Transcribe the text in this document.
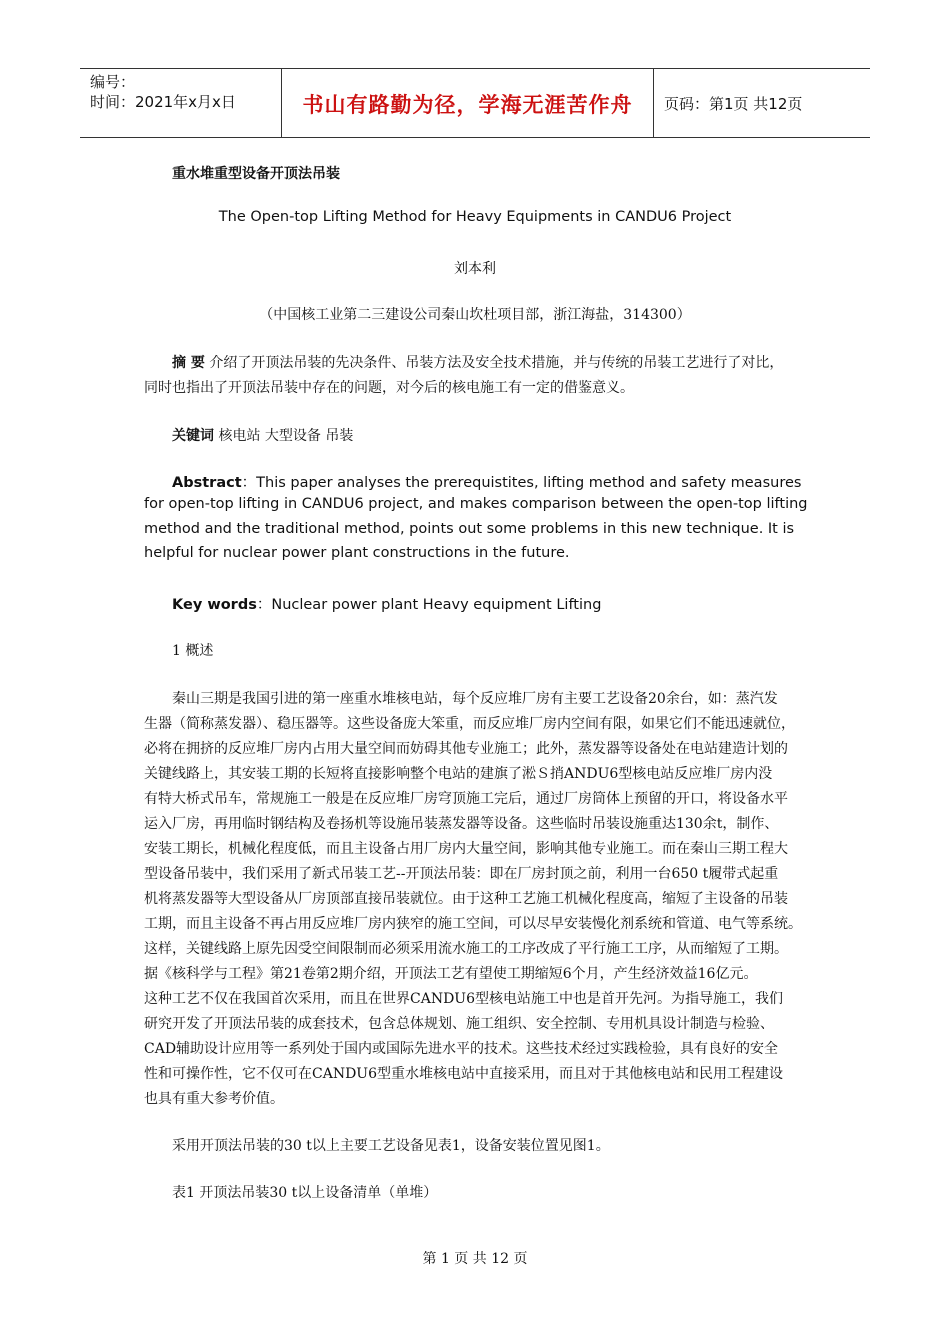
编号：
时间：2021年x月x日	书山有路勤为径，学海无涯苦作舟	页码：第1页 共12页
重水堆重型设备开顶法吊装
The Open-top Lifting Method for Heavy Equipments in CANDU6 Project
刘本利
（中国核工业第二三建设公司秦山坎杜项目部，浙江海盐，314300）
摘 要 介绍了开顶法吊装的先决条件、吊装方法及安全技术措施，并与传统的吊装工艺进行了对比，
同时也指出了开顶法吊装中存在的问题，对今后的核电施工有一定的借鉴意义。
关键词 核电站 大型设备 吊装
Abstract：This paper analyses the prerequistites, lifting method and safety measures
for open-top lifting in CANDU6 project, and makes comparison between the open-top lifting
method and the traditional method, points out some problems in this new technique. It is
helpful for nuclear power plant constructions in the future.
Key words：Nuclear power plant Heavy equipment Lifting
1 概述
秦山三期是我国引进的第一座重水堆核电站，每个反应堆厂房有主要工艺设备20余台，如：蒸汽发
生器（简称蒸发器）、稳压器等。这些设备庞大笨重，而反应堆厂房内空间有限，如果它们不能迅速就位，
必将在拥挤的反应堆厂房内占用大量空间而妨碍其他专业施工；此外，蒸发器等设备处在电站建造计划的
关键线路上，其安装工期的长短将直接影响整个电站的建旗了淞Ｓ捎ANDU6型核电站反应堆厂房内没
有特大桥式吊车，常规施工一般是在反应堆厂房穹顶施工完后，通过厂房筒体上预留的开口，将设备水平
运入厂房，再用临时钢结构及卷扬机等设施吊装蒸发器等设备。这些临时吊装设施重达130余t，制作、
安装工期长，机械化程度低，而且主设备占用厂房内大量空间，影响其他专业施工。而在秦山三期工程大
型设备吊装中，我们采用了新式吊装工艺--开顶法吊装：即在厂房封顶之前，利用一台650 t履带式起重
机将蒸发器等大型设备从厂房顶部直接吊装就位。由于这种工艺施工机械化程度高，缩短了主设备的吊装
工期，而且主设备不再占用反应堆厂房内狭窄的施工空间，可以尽早安装慢化剂系统和管道、电气等系统。
这样，关键线路上原先因受空间限制而必须采用流水施工的工序改成了平行施工工序，从而缩短了工期。
据《核科学与工程》第21卷第2期介绍，开顶法工艺有望使工期缩短6个月，产生经济效益16亿元。
这种工艺不仅在我国首次采用，而且在世界CANDU6型核电站施工中也是首开先河。为指导施工，我们
研究开发了开顶法吊装的成套技术，包含总体规划、施工组织、安全控制、专用机具设计制造与检验、
CAD辅助设计应用等一系列处于国内或国际先进水平的技术。这些技术经过实践检验，具有良好的安全
性和可操作性，它不仅可在CANDU6型重水堆核电站中直接采用，而且对于其他核电站和民用工程建设
也具有重大参考价值。
采用开顶法吊装的30 t以上主要工艺设备见表1，设备安装位置见图1。
表1 开顶法吊装30 t以上设备清单（单堆）
第 1 页 共 12 页
